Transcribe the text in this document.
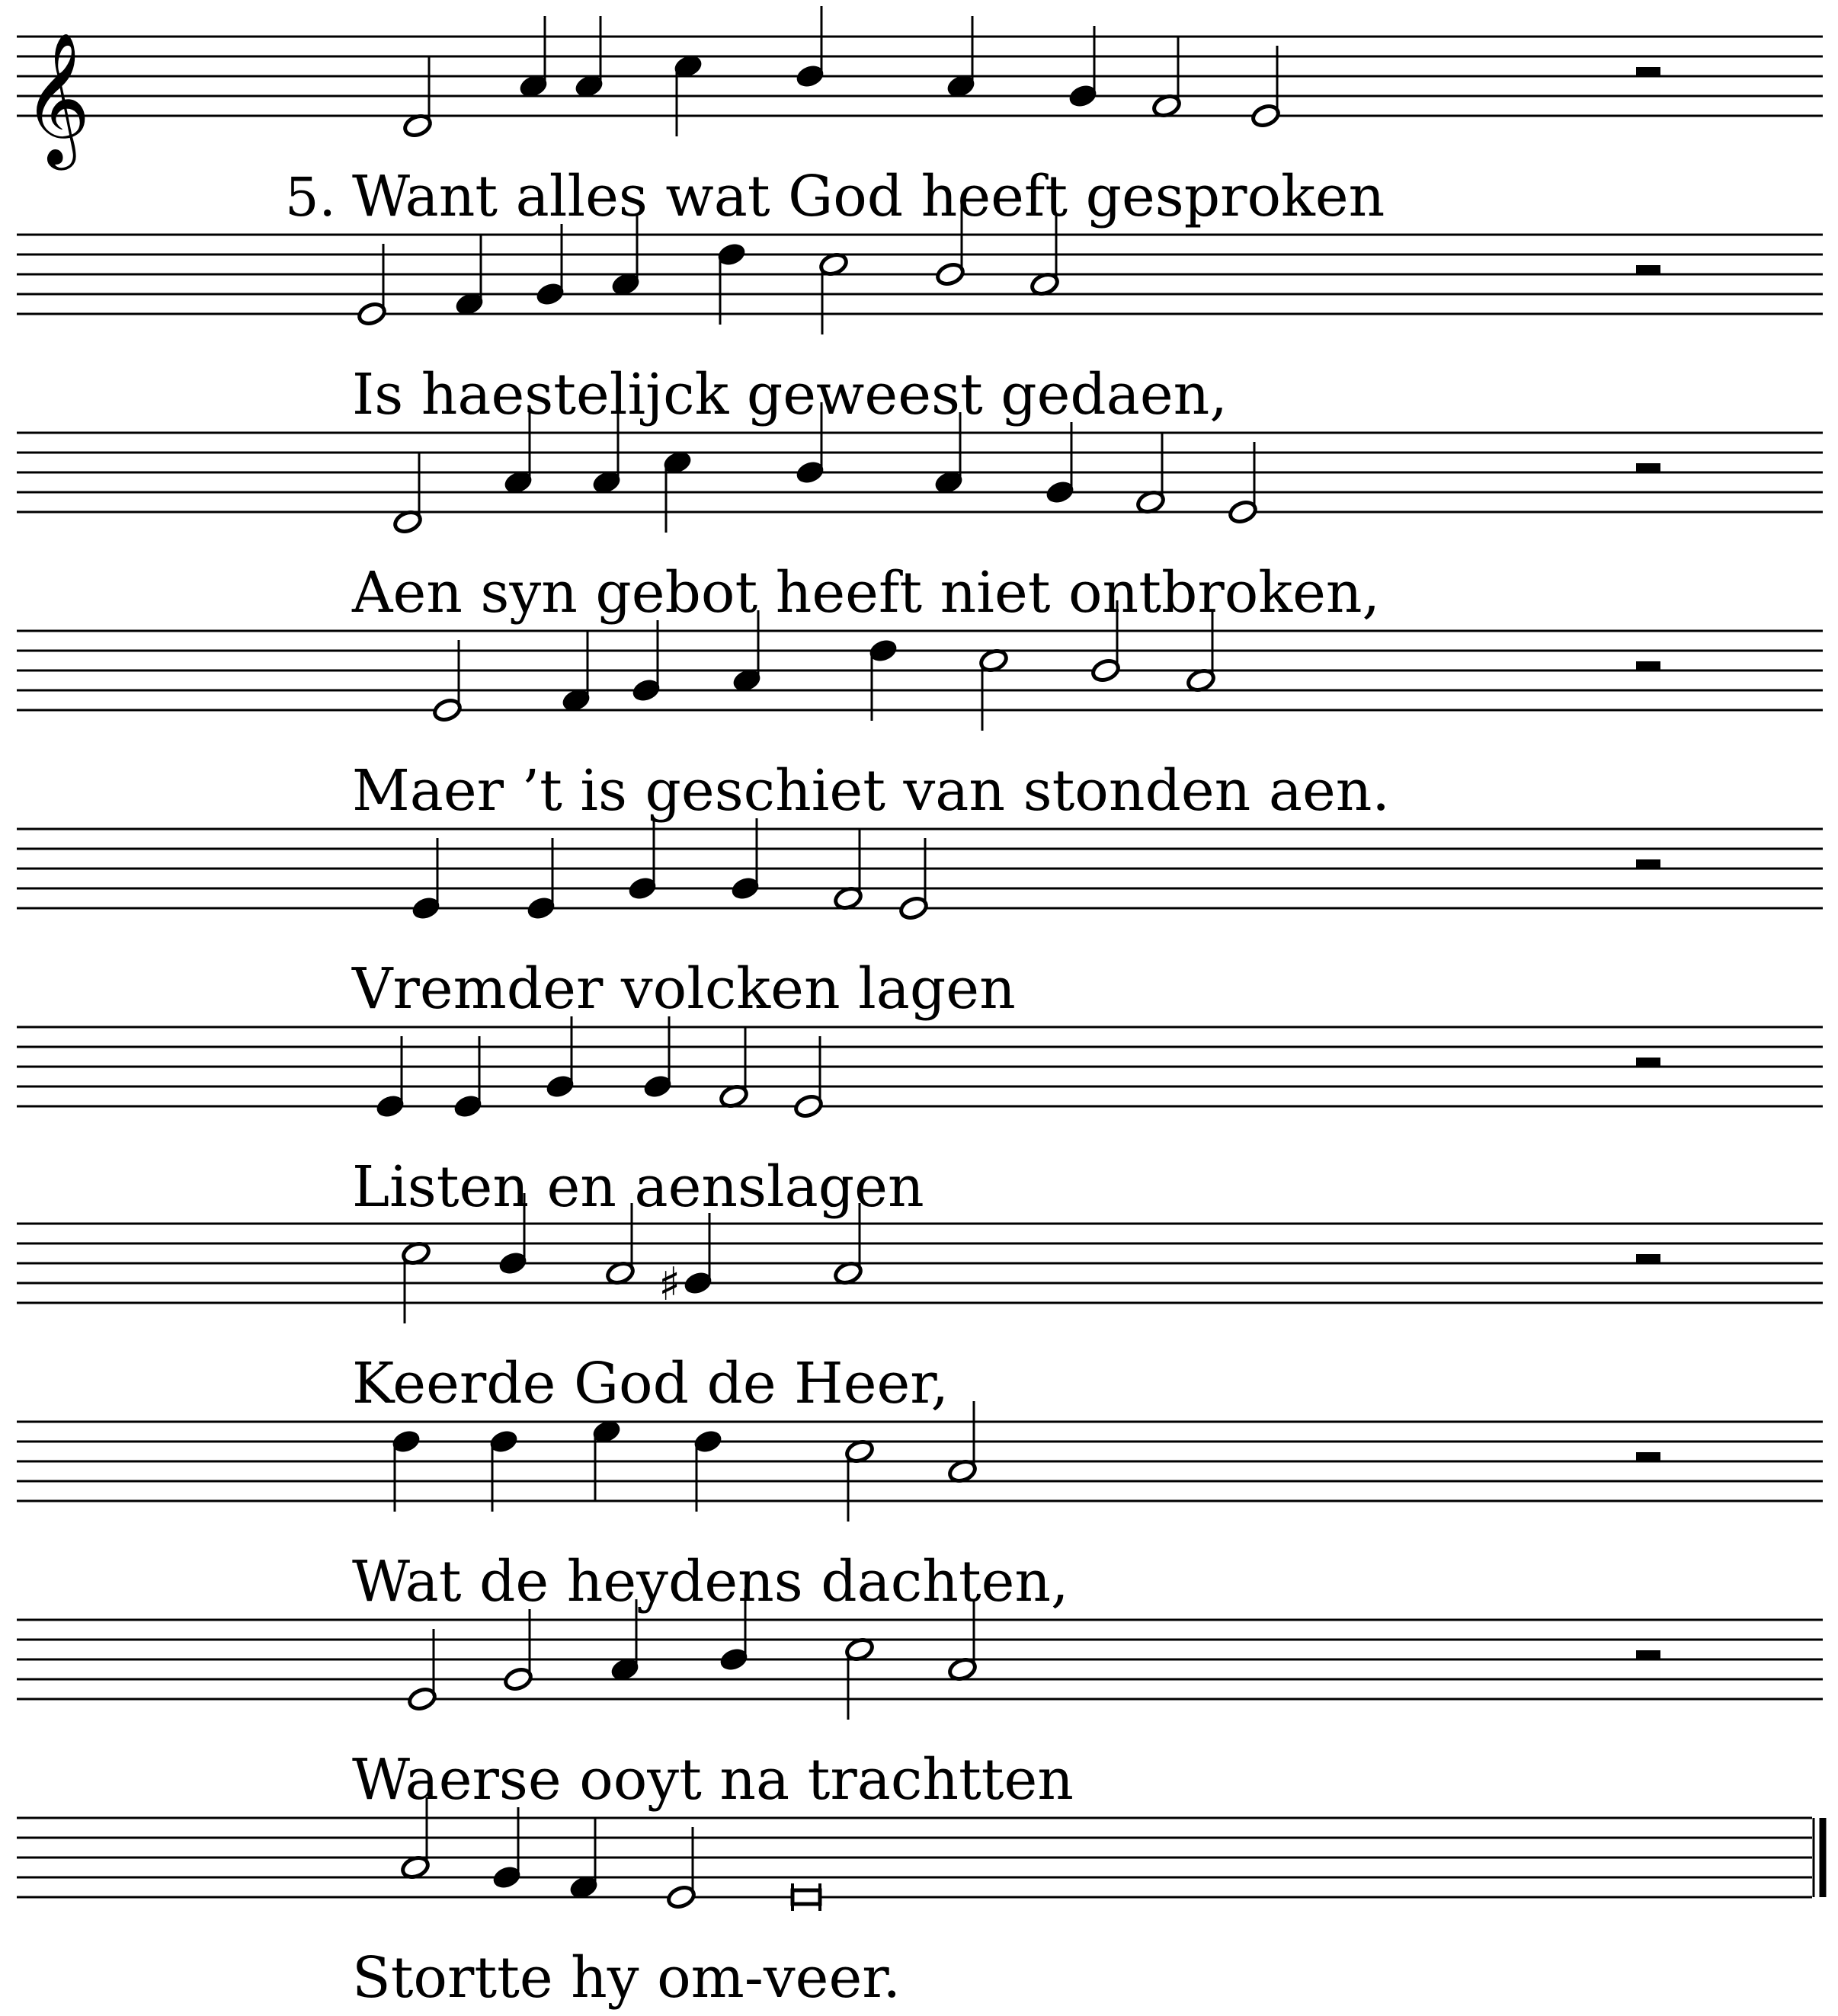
𝄞
5. Want alles wat God heeft gesproken
Is haestelijck geweest gedaen,
Aen syn gebot heeft niet ontbroken,
Maer ’t is geschiet van stonden aen.
Vremder volcken lagen
Listen en aenslagen
♯
Keerde God de Heer,
Wat de heydens dachten,
Waerse ooyt na trachtten
Stortte hy om-veer.
